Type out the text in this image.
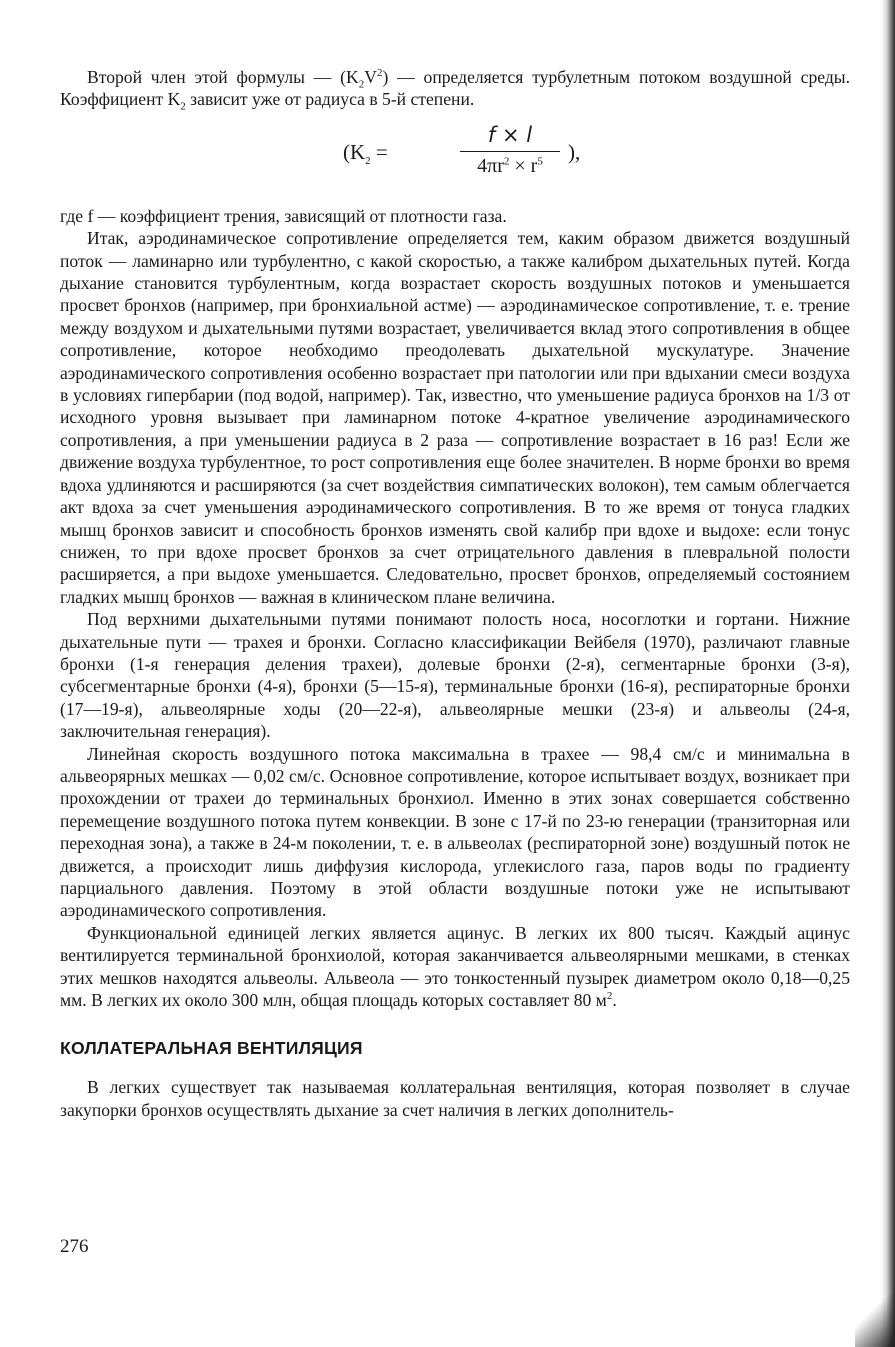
Второй член этой формулы — $(K_2V^2)$ — определяется турбулетным потоком воздушной среды. Коэффициент $K_2$ зависит уже от радиуса в 5-й степени.

($K_2$ =
f × l
$4\pi r^2 \times r^5$	),

где f — коэффициент трения, зависящий от плотности газа.

Итак, аэродинамическое сопротивление определяется тем, каким образом движется воздушный поток — ламинарно или турбулентно, с какой скоростью, а также калибром дыхательных путей. Когда дыхание становится турбулентным, когда возрастает скорость воздушных потоков и уменьшается просвет бронхов (например, при бронхиальной астме) — аэродинамическое сопротивление, т. е. трение между воздухом и дыхательными путями возрастает, увеличивается вклад этого сопротивления в общее сопротивление, которое необходимо преодолевать дыхательной мускулатуре. Значение аэродинамического сопротивления особенно возрастает при патологии или при вдыхании смеси воздуха в условиях гипербарии (под водой, например). Так, известно, что уменьшение радиуса бронхов на 1/3 от исходного уровня вызывает при ламинарном потоке 4-кратное увеличение аэродинамического сопротивления, а при уменьшении радиуса в 2 раза — сопротивление возрастает в 16 раз! Если же движение воздуха турбулентное, то рост сопротивления еще более значителен. В норме бронхи во время вдоха удлиняются и расширяются (за счет воздействия симпатических волокон), тем самым облегчается акт вдоха за счет уменьшения аэродинамического сопротивления. В то же время от тонуса гладких мышц бронхов зависит и способность бронхов изменять свой калибр при вдохе и выдохе: если тонус снижен, то при вдохе просвет бронхов за счет отрицательного давления в плевральной полости расширяется, а при выдохе уменьшается. Следовательно, просвет бронхов, определяемый состоянием гладких мышц бронхов — важная в клиническом плане величина.

Под верхними дыхательными путями понимают полость носа, носоглотки и гортани. Нижние дыхательные пути — трахея и бронхи. Согласно классификации Вейбеля (1970), различают главные бронхи (1-я генерация деления трахеи), долевые бронхи (2-я), сегментарные бронхи (3-я), субсегментарные бронхи (4-я), бронхи (5—15-я), терминальные бронхи (16-я), респираторные бронхи (17—19-я), альвеолярные ходы (20—22-я), альвеолярные мешки (23-я) и альвеолы (24-я, заключительная генерация).

Линейная скорость воздушного потока максимальна в трахее — 98,4 см/с и минимальна в альвеорярных мешках — 0,02 см/с. Основное сопротивление, которое испытывает воздух, возникает при прохождении от трахеи до терминальных бронхиол. Именно в этих зонах совершается собственно перемещение воздушного потока путем конвекции. В зоне с 17-й по 23-ю генерации (транзиторная или переходная зона), а также в 24-м поколении, т. е. в альвеолах (респираторной зоне) воздушный поток не движется, а происходит лишь диффузия кислорода, углекислого газа, паров воды по градиенту парциального давления. Поэтому в этой области воздушные потоки уже не испытывают аэродинамического сопротивления.

Функциональной единицей легких является ацинус. В легких их 800 тысяч. Каждый ацинус вентилируется терминальной бронхиолой, которая заканчивается альвеолярными мешками, в стенках этих мешков находятся альвеолы. Альвеола — это тонкостенный пузырек диаметром около 0,18—0,25 мм. В легких их около 300 млн, общая площадь которых составляет 80 $м^2$.

КОЛЛАТЕРАЛЬНАЯ ВЕНТИЛЯЦИЯ

В легких существует так называемая коллатеральная вентиляция, которая позволяет в случае закупорки бронхов осуществлять дыхание за счет наличия в легких дополнитель-

276
